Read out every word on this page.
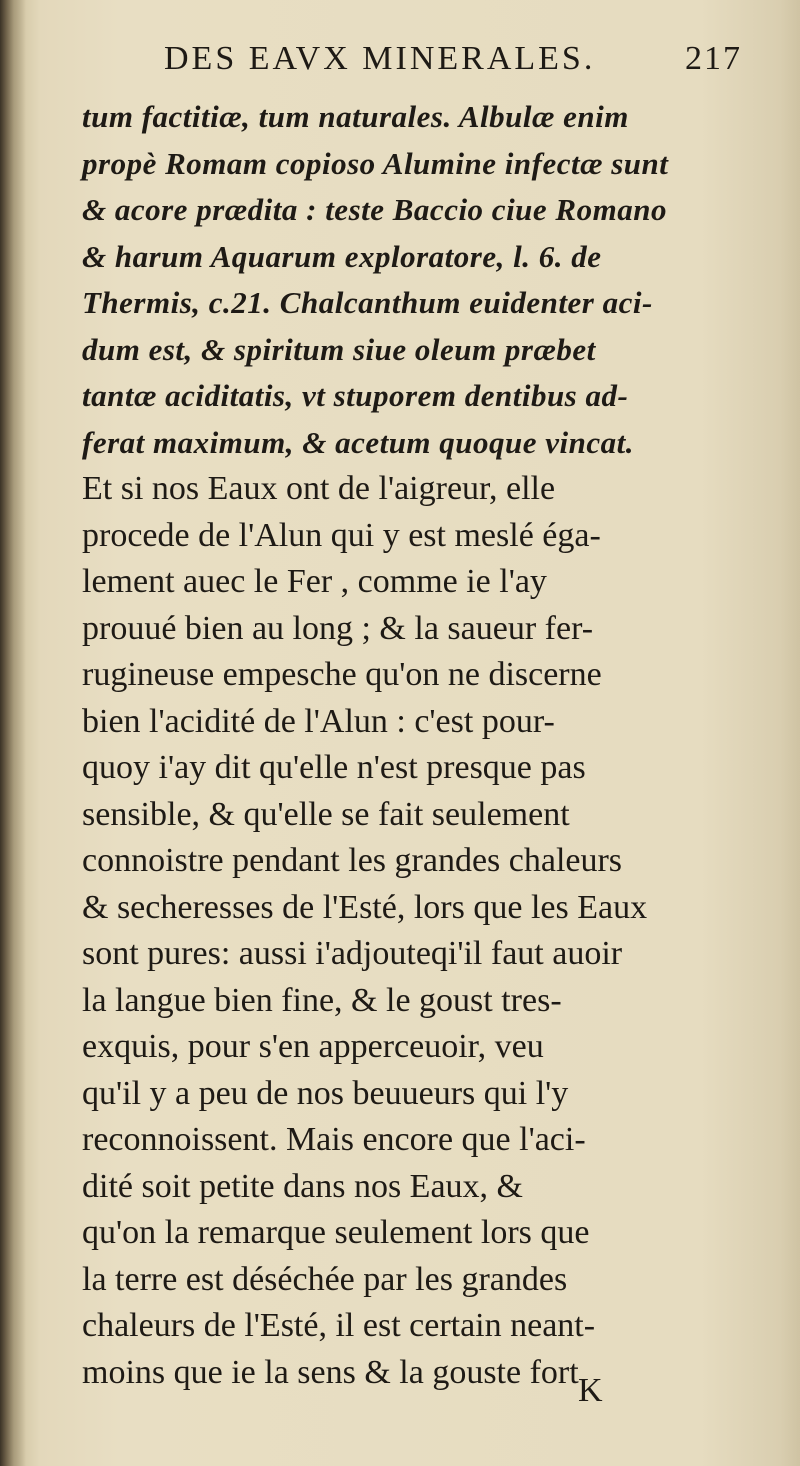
DES EAVX MINERALES.	217
tum factitiæ, tum naturales. Albulæ enim
propè Romam copioso Alumine infectæ sunt
& acore prædita : teste Baccio ciue Romano
& harum Aquarum exploratore, l. 6. de
Thermis, c.21. Chalcanthum euidenter aci-
dum est, & spiritum siue oleum præbet
tantæ aciditatis, vt stuporem dentibus ad-
ferat maximum, & acetum quoque vincat.
Et si nos Eaux ont de l'aigreur, elle
procede de l'Alun qui y est meslé éga-
lement auec le Fer , comme ie l'ay
prouué bien au long ; & la saueur fer-
rugineuse empesche qu'on ne discerne
bien l'acidité de l'Alun : c'est pour-
quoy i'ay dit qu'elle n'est presque pas
sensible, & qu'elle se fait seulement
connoistre pendant les grandes chaleurs
& secheresses de l'Esté, lors que les Eaux
sont pures: aussi i'adjouteqi'il faut auoir
la langue bien fine, & le goust tres-
exquis, pour s'en apperceuoir, veu
qu'il y a peu de nos beuueurs qui l'y
reconnoissent. Mais encore que l'aci-
dité soit petite dans nos Eaux, &
qu'on la remarque seulement lors que
la terre est déséchée par les grandes
chaleurs de l'Esté, il est certain neant-
moins que ie la sens & la gouste fort K
